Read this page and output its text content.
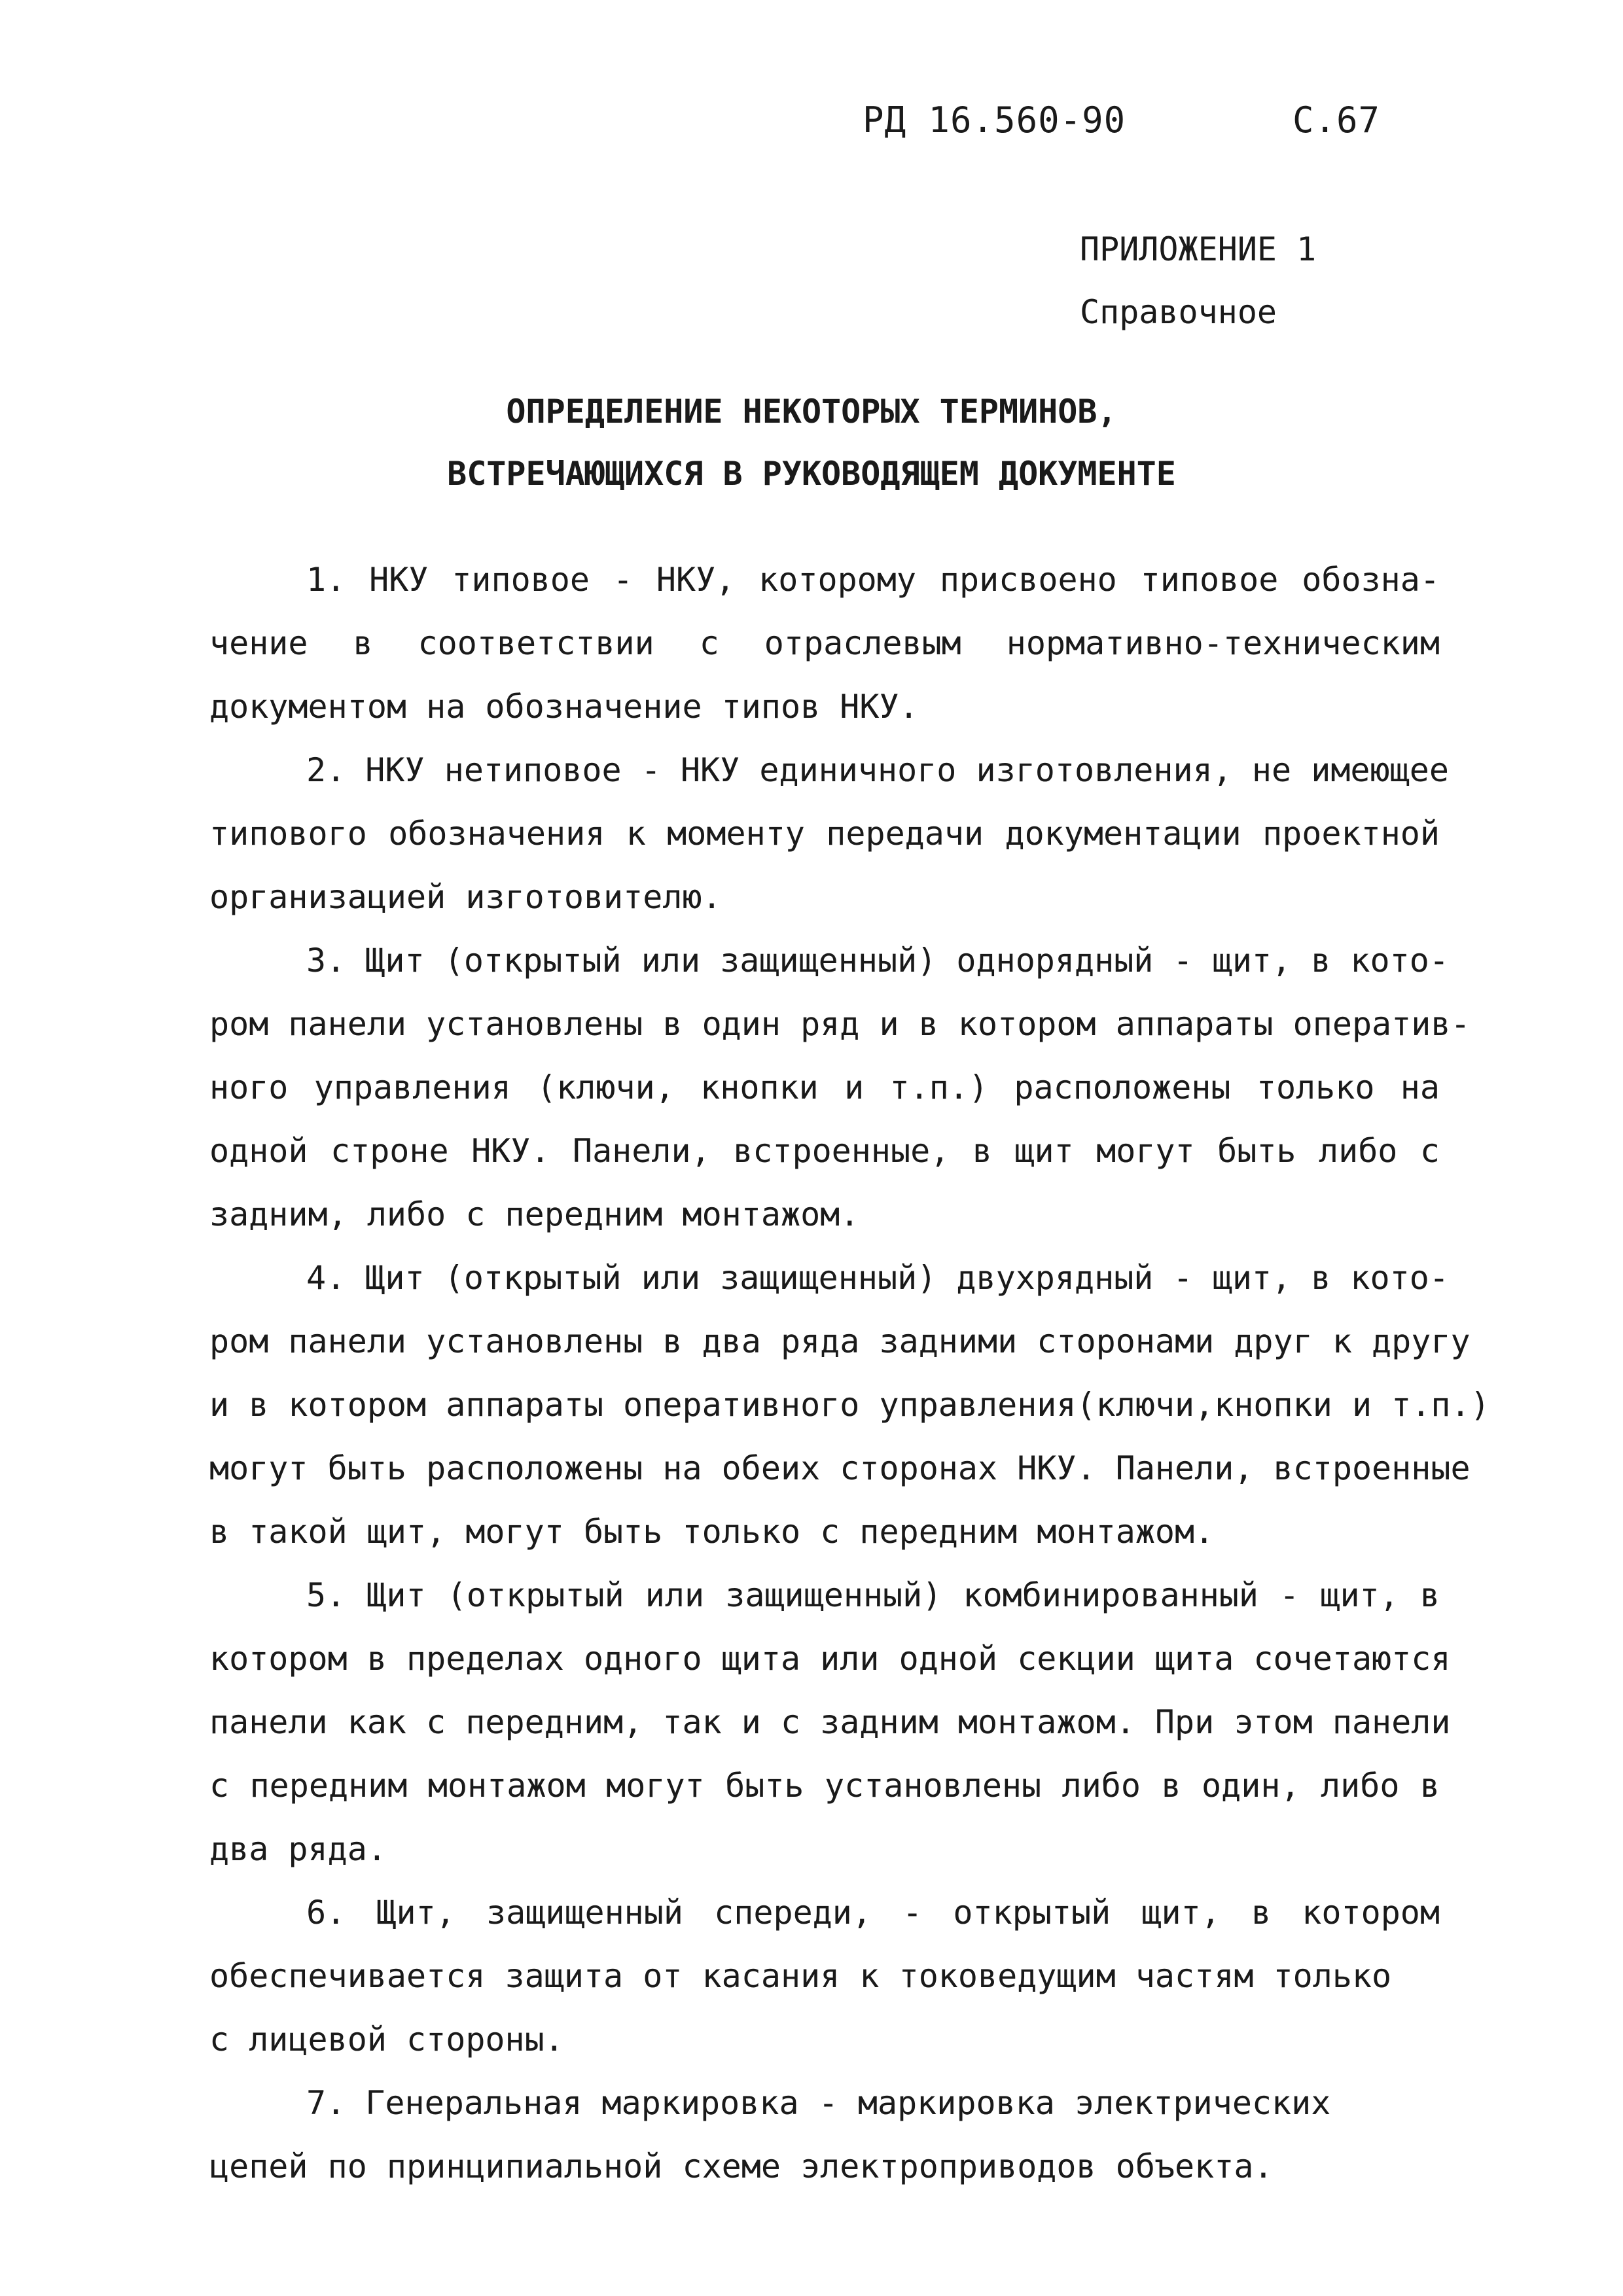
РД 16.560-90	С.67
ПРИЛОЖЕНИЕ 1
Справочное
ОПРЕДЕЛЕНИЕ НЕКОТОРЫХ ТЕРМИНОВ,
ВСТРЕЧАЮЩИХСЯ В РУКОВОДЯЩЕМ ДОКУМЕНТЕ
1. НКУ типовое - НКУ, которому присвоено типовое обозна-
чение в соответствии с отраслевым нормативно-техническим
документом на обозначение типов НКУ.
2. НКУ нетиповое - НКУ единичного изготовления, не имеющее
типового обозначения к моменту передачи документации проектной
организацией изготовителю.
3. Щит (открытый или защищенный) однорядный - щит, в кото-
ром панели установлены в один ряд и в котором аппараты оператив-
ного управления (ключи, кнопки и т.п.) расположены только на
одной строне НКУ. Панели, встроенные, в щит могут быть либо с
задним, либо с передним монтажом.
4. Щит (открытый или защищенный) двухрядный - щит, в кото-
ром панели установлены в два ряда задними сторонами друг к другу
и в котором аппараты оперативного управления(ключи,кнопки и т.п.)
могут быть расположены на обеих сторонах НКУ. Панели, встроенные
в такой щит, могут быть только с передним монтажом.
5. Щит (открытый или защищенный) комбинированный - щит, в
котором в пределах одного щита или одной секции щита сочетаются
панели как с передним, так и с задним монтажом. При этом панели
с передним монтажом могут быть установлены либо в один, либо в
два ряда.
6. Щит, защищенный спереди, - открытый щит, в котором
обеспечивается защита от касания к токоведущим частям только
с лицевой стороны.
7. Генеральная маркировка - маркировка электрических
цепей по принципиальной схеме электроприводов объекта.
